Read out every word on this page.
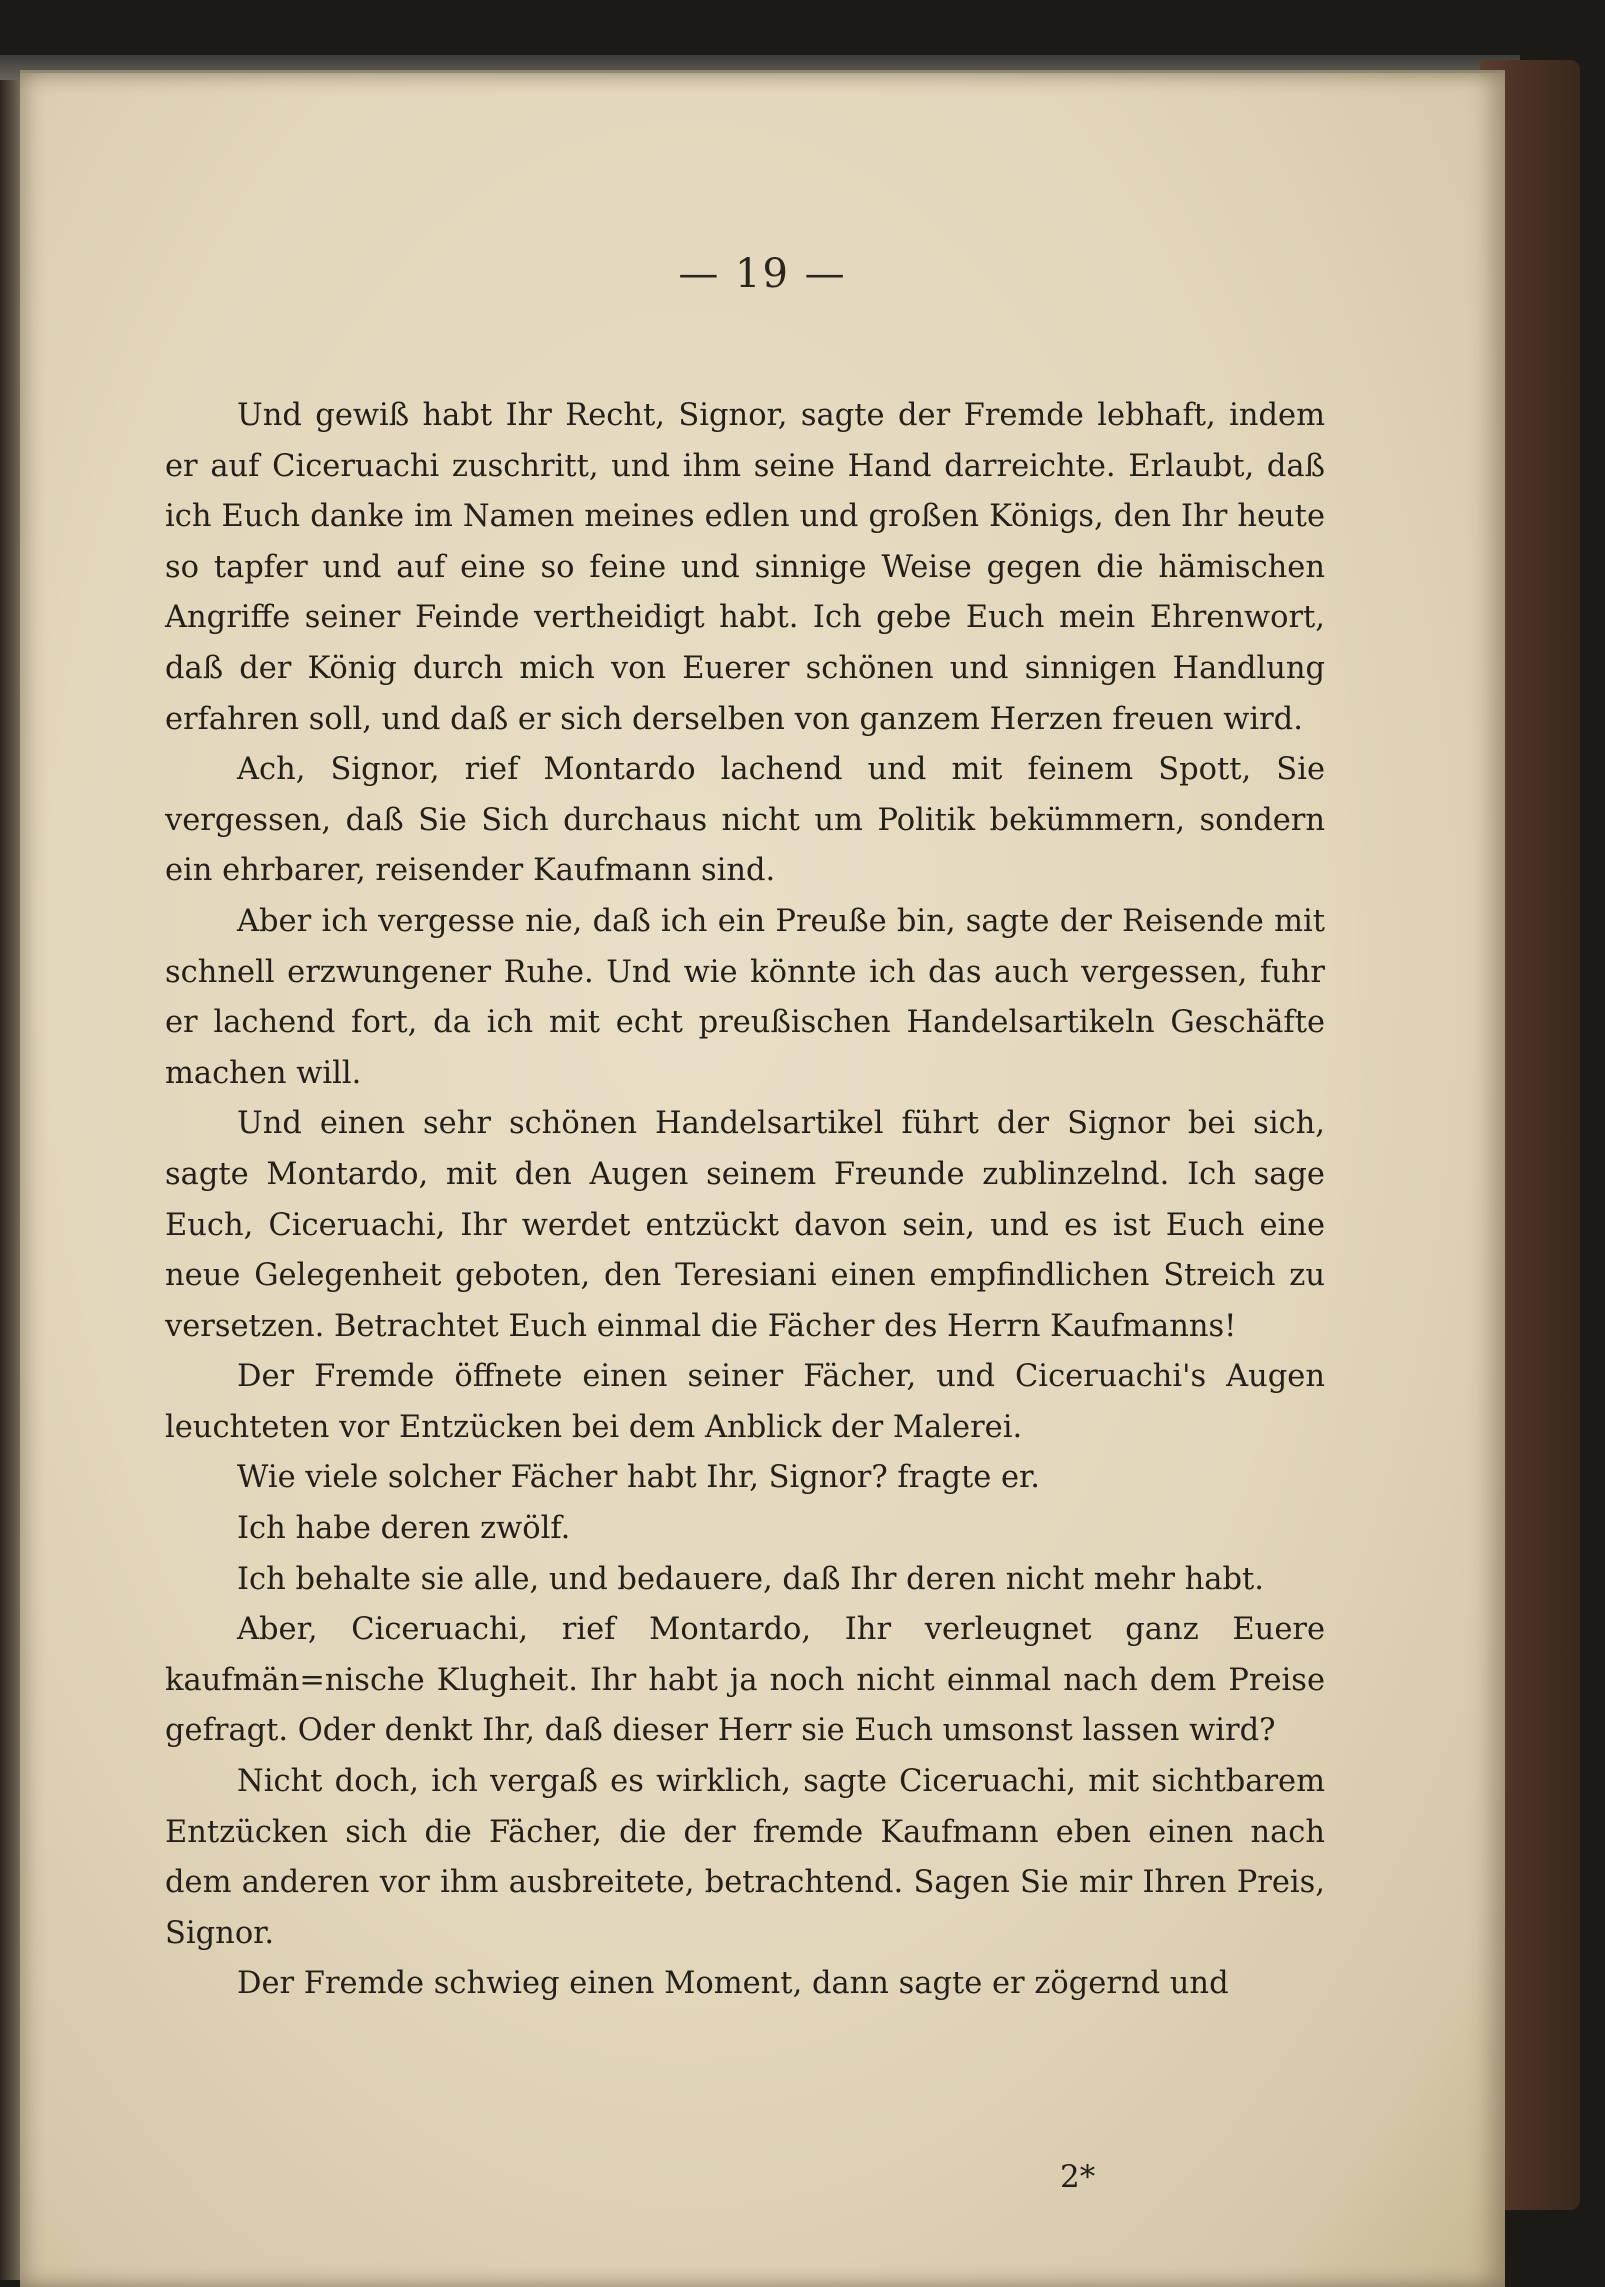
— 19 —

Und gewiß habt Ihr Recht, Signor, sagte der Fremde lebhaft, indem er auf Ciceruachi zuschritt, und ihm seine Hand darreichte. Erlaubt, daß ich Euch danke im Namen meines edlen und großen Königs, den Ihr heute so tapfer und auf eine so feine und sinnige Weise gegen die hämischen Angriffe seiner Feinde vertheidigt habt. Ich gebe Euch mein Ehrenwort, daß der König durch mich von Euerer schönen und sinnigen Handlung erfahren soll, und daß er sich derselben von ganzem Herzen freuen wird.

Ach, Signor, rief Montardo lachend und mit feinem Spott, Sie vergessen, daß Sie Sich durchaus nicht um Politik bekümmern, sondern ein ehrbarer, reisender Kaufmann sind.

Aber ich vergesse nie, daß ich ein Preuße bin, sagte der Reisende mit schnell erzwungener Ruhe. Und wie könnte ich das auch vergessen, fuhr er lachend fort, da ich mit echt preußischen Handelsartikeln Geschäfte machen will.

Und einen sehr schönen Handelsartikel führt der Signor bei sich, sagte Montardo, mit den Augen seinem Freunde zublinzelnd. Ich sage Euch, Ciceruachi, Ihr werdet entzückt davon sein, und es ist Euch eine neue Gelegenheit geboten, den Teresiani einen empfindlichen Streich zu versetzen. Betrachtet Euch einmal die Fächer des Herrn Kaufmanns!

Der Fremde öffnete einen seiner Fächer, und Ciceruachi's Augen leuchteten vor Entzücken bei dem Anblick der Malerei.

Wie viele solcher Fächer habt Ihr, Signor? fragte er.

Ich habe deren zwölf.

Ich behalte sie alle, und bedauere, daß Ihr deren nicht mehr habt.

Aber, Ciceruachi, rief Montardo, Ihr verleugnet ganz Euere kaufmän=nische Klugheit. Ihr habt ja noch nicht einmal nach dem Preise gefragt. Oder denkt Ihr, daß dieser Herr sie Euch umsonst lassen wird?

Nicht doch, ich vergaß es wirklich, sagte Ciceruachi, mit sichtbarem Entzücken sich die Fächer, die der fremde Kaufmann eben einen nach dem anderen vor ihm ausbreitete, betrachtend. Sagen Sie mir Ihren Preis, Signor.

Der Fremde schwieg einen Moment, dann sagte er zögernd und

2*
